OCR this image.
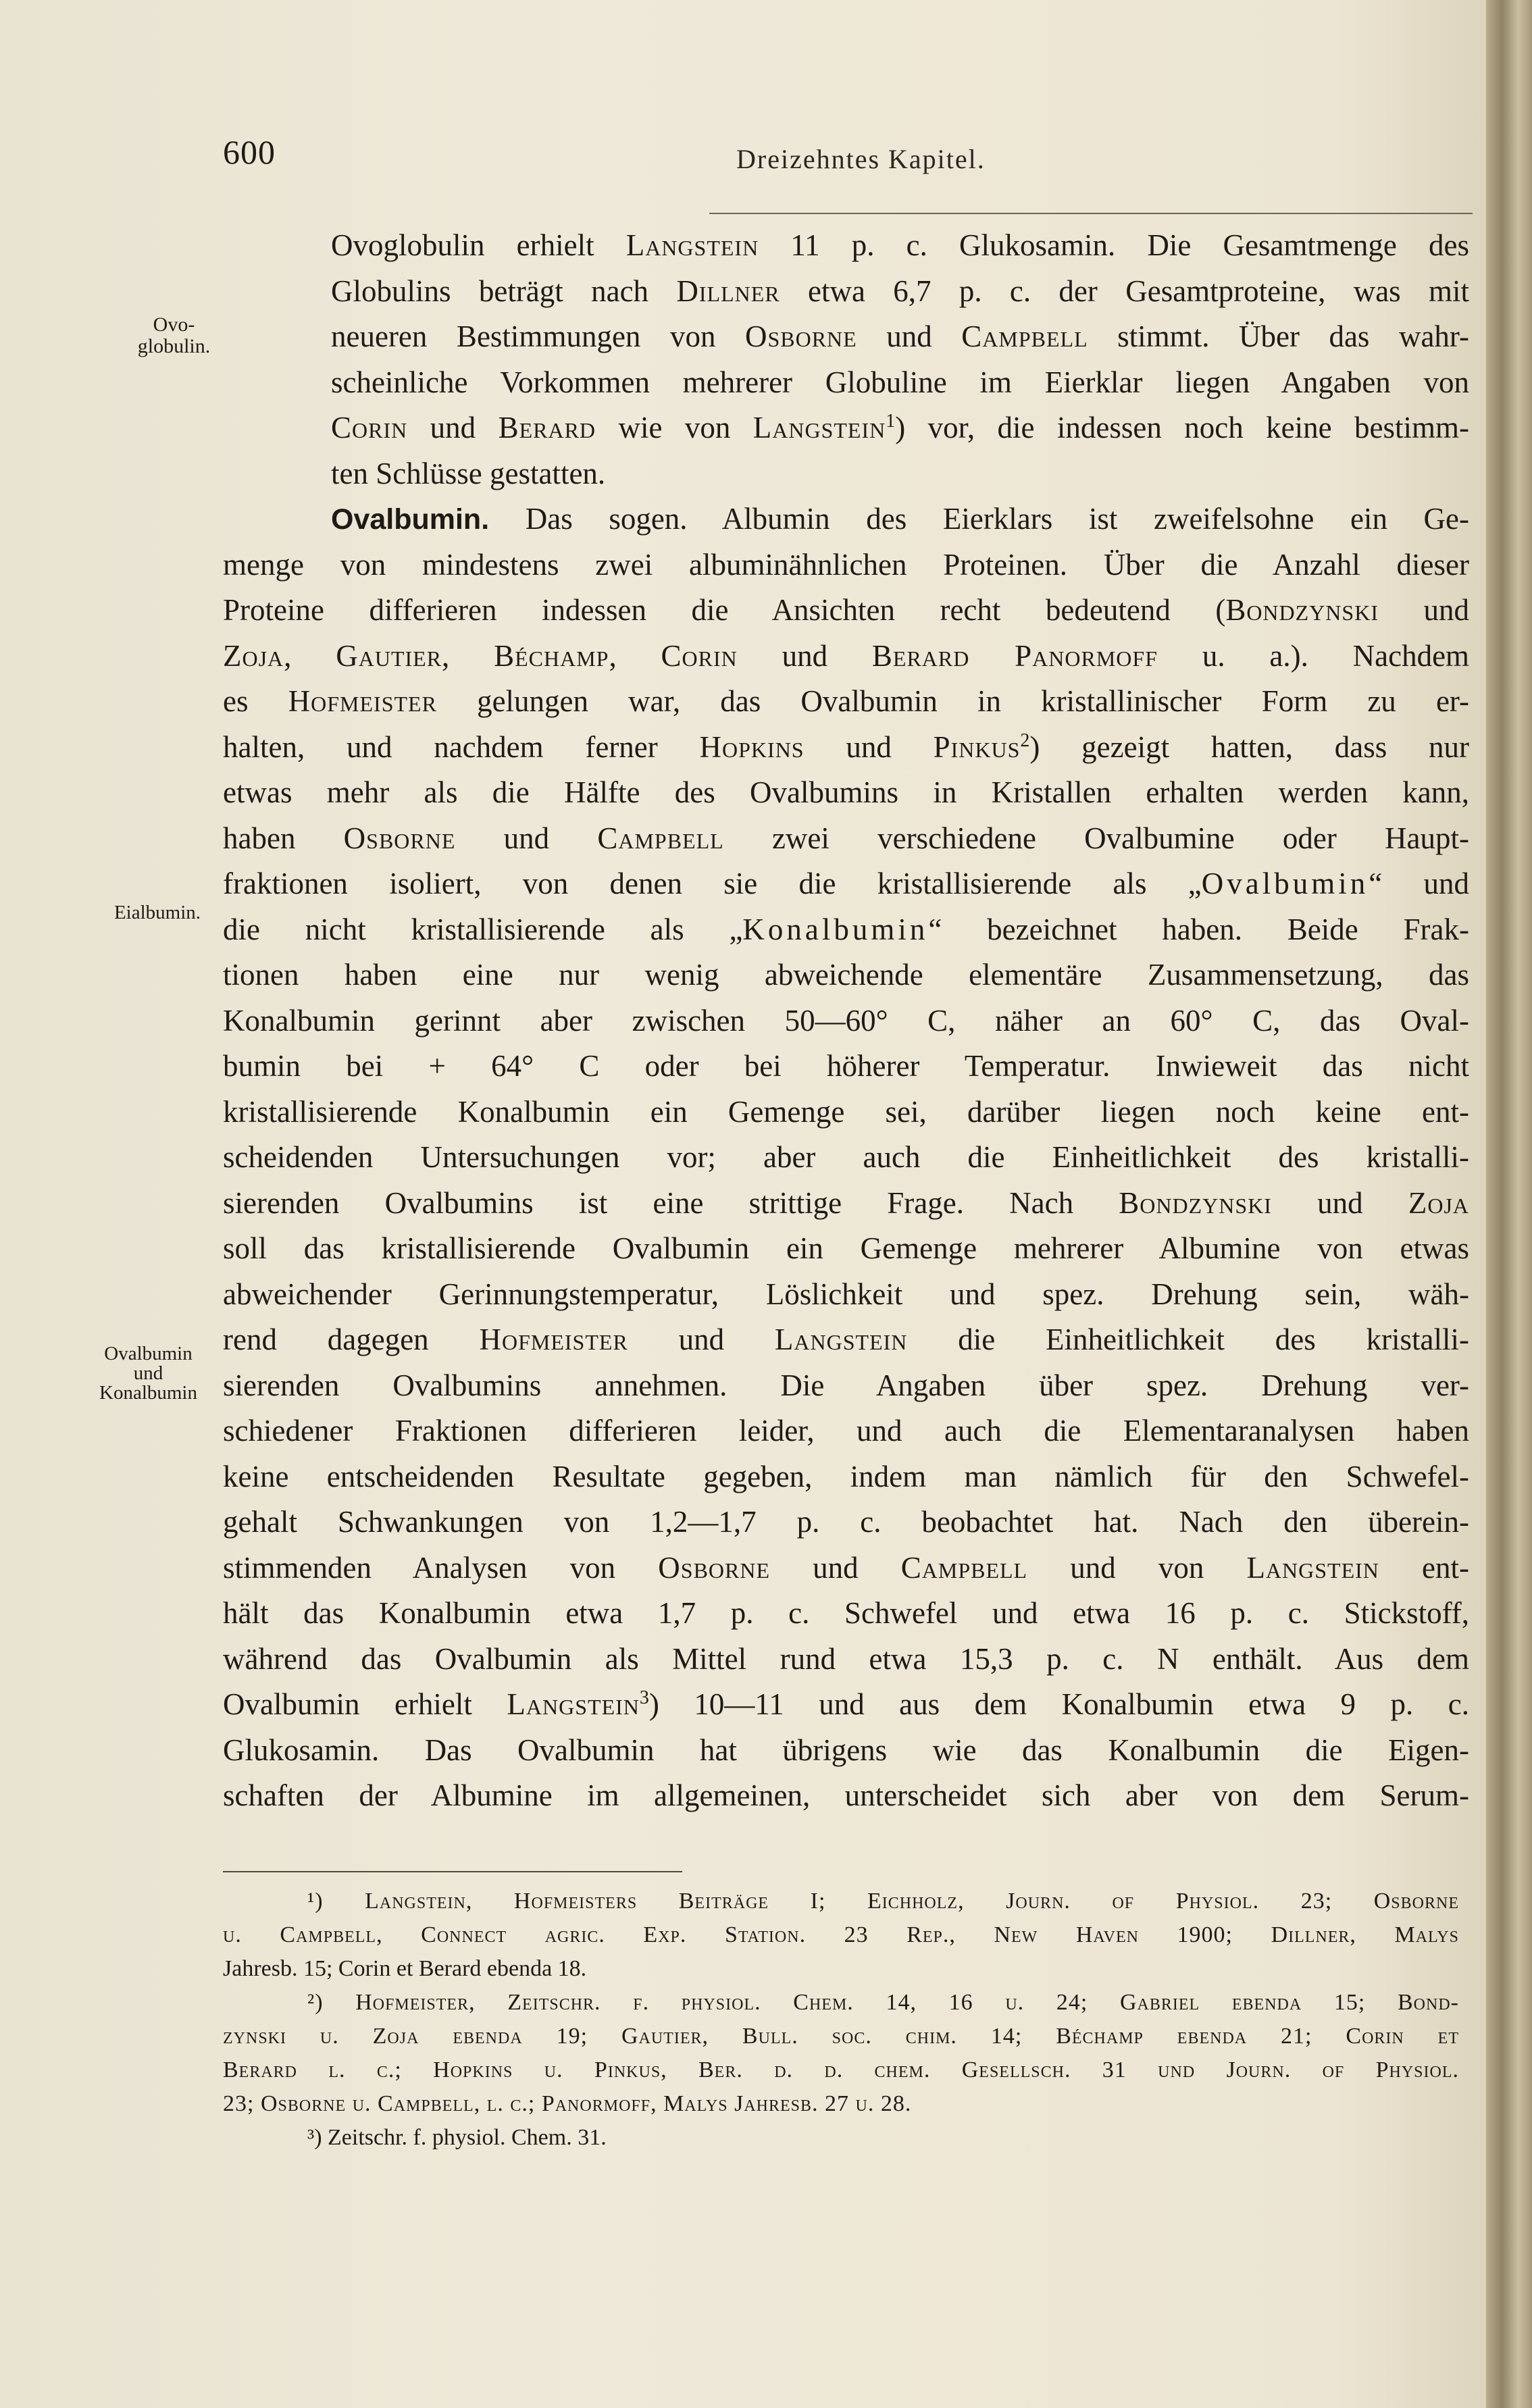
600	Dreizehntes Kapitel.
Ovo-
globulin.
Eialbumin.
Ovalbumin
und
Konalbumin
Ovoglobulin erhielt Langstein 11 p. c. Glukosamin. Die Gesamtmenge des
Globulins beträgt nach Dillner etwa 6,7 p. c. der Gesamtproteine, was mit
neueren Bestimmungen von Osborne und Campbell stimmt. Über das wahr-
scheinliche Vorkommen mehrerer Globuline im Eierklar liegen Angaben von
Corin und Berard wie von Langstein$^1$) vor, die indessen noch keine bestimm-
ten Schlüsse gestatten.
Ovalbumin. Das sogen. Albumin des Eierklars ist zweifelsohne ein Ge-
menge von mindestens zwei albuminähnlichen Proteinen. Über die Anzahl dieser
Proteine differieren indessen die Ansichten recht bedeutend (Bondzynski und
Zoja, Gautier, Béchamp, Corin und Berard Panormoff u. a.). Nachdem
es Hofmeister gelungen war, das Ovalbumin in kristallinischer Form zu er-
halten, und nachdem ferner Hopkins und Pinkus$^2$) gezeigt hatten, dass nur
etwas mehr als die Hälfte des Ovalbumins in Kristallen erhalten werden kann,
haben Osborne und Campbell zwei verschiedene Ovalbumine oder Haupt-
fraktionen isoliert, von denen sie die kristallisierende als „Ovalbumin“ und
die nicht kristallisierende als „Konalbumin“ bezeichnet haben. Beide Frak-
tionen haben eine nur wenig abweichende elementäre Zusammensetzung, das
Konalbumin gerinnt aber zwischen 50—60° C, näher an 60° C, das Oval-
bumin bei + 64° C oder bei höherer Temperatur. Inwieweit das nicht
kristallisierende Konalbumin ein Gemenge sei, darüber liegen noch keine ent-
scheidenden Untersuchungen vor; aber auch die Einheitlichkeit des kristalli-
sierenden Ovalbumins ist eine strittige Frage. Nach Bondzynski und Zoja
soll das kristallisierende Ovalbumin ein Gemenge mehrerer Albumine von etwas
abweichender Gerinnungstemperatur, Löslichkeit und spez. Drehung sein, wäh-
rend dagegen Hofmeister und Langstein die Einheitlichkeit des kristalli-
sierenden Ovalbumins annehmen. Die Angaben über spez. Drehung ver-
schiedener Fraktionen differieren leider, und auch die Elementaranalysen haben
keine entscheidenden Resultate gegeben, indem man nämlich für den Schwefel-
gehalt Schwankungen von 1,2—1,7 p. c. beobachtet hat. Nach den überein-
stimmenden Analysen von Osborne und Campbell und von Langstein ent-
hält das Konalbumin etwa 1,7 p. c. Schwefel und etwa 16 p. c. Stickstoff,
während das Ovalbumin als Mittel rund etwa 15,3 p. c. N enthält. Aus dem
Ovalbumin erhielt Langstein$^3$) 10—11 und aus dem Konalbumin etwa 9 p. c.
Glukosamin. Das Ovalbumin hat übrigens wie das Konalbumin die Eigen-
schaften der Albumine im allgemeinen, unterscheidet sich aber von dem Serum-
¹) Langstein, Hofmeisters Beiträge I; Eichholz, Journ. of Physiol. 23; Osborne
u. Campbell, Connect agric. Exp. Station. 23 Rep., New Haven 1900; Dillner, Malys
Jahresb. 15; Corin et Berard ebenda 18.
²) Hofmeister, Zeitschr. f. physiol. Chem. 14, 16 u. 24; Gabriel ebenda 15; Bond-
zynski u. Zoja ebenda 19; Gautier, Bull. soc. chim. 14; Béchamp ebenda 21; Corin et
Berard l. c.; Hopkins u. Pinkus, Ber. d. d. chem. Gesellsch. 31 und Journ. of Physiol.
23; Osborne u. Campbell, l. c.; Panormoff, Malys Jahresb. 27 u. 28.
³) Zeitschr. f. physiol. Chem. 31.
